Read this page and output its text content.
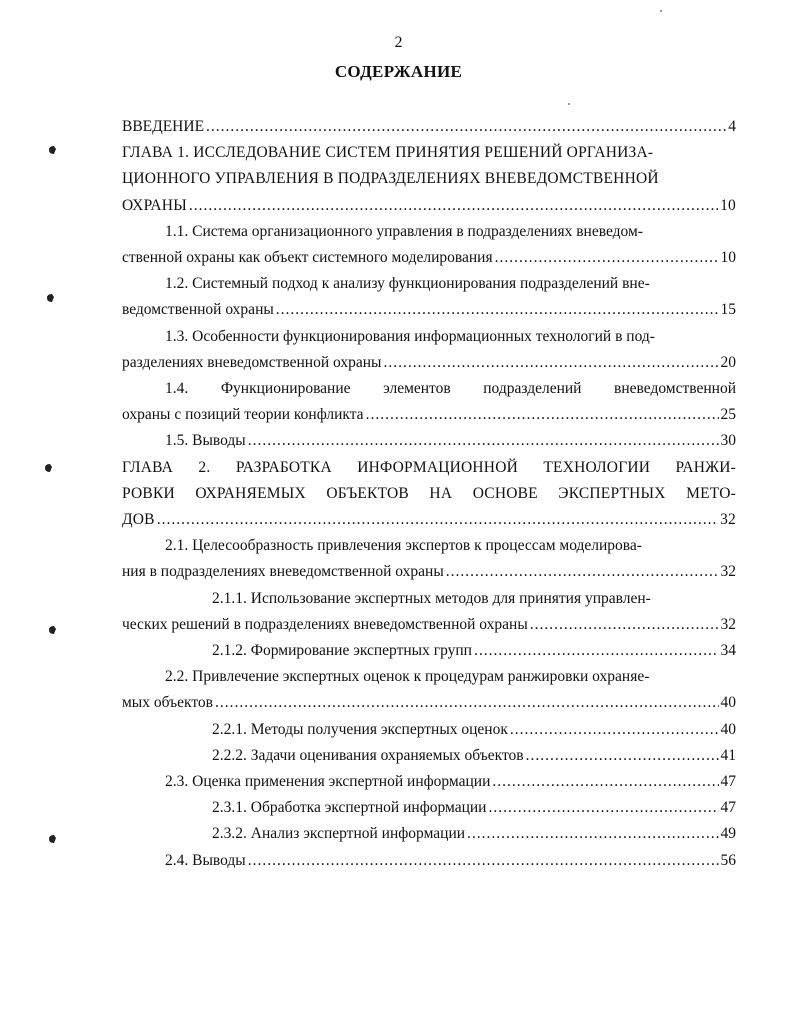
2
СОДЕРЖАНИЕ
ВВЕДЕНИЕ .....	4
ГЛАВА 1. ИССЛЕДОВАНИЕ СИСТЕМ ПРИНЯТИЯ РЕШЕНИЙ ОРГАНИЗА-
ЦИОННОГО УПРАВЛЕНИЯ В ПОДРАЗДЕЛЕНИЯХ ВНЕВЕДОМСТВЕННОЙ
ОХРАНЫ .....	10
1.1. Система организационного управления в подразделениях вневедом-
ственной охраны как объект системного моделирования .....	10
1.2. Системный подход к анализу функционирования подразделений вне-
ведомственной охраны .....	15
1.3. Особенности функционирования информационных технологий в под-
разделениях вневедомственной охраны .....	20
1.4. Функционирование элементов подразделений вневедомственной
охраны с позиций теории конфликта .....	25
1.5. Выводы .....	30
ГЛАВА 2. РАЗРАБОТКА ИНФОРМАЦИОННОЙ ТЕХНОЛОГИИ РАНЖИ-
РОВКИ ОХРАНЯЕМЫХ ОБЪЕКТОВ НА ОСНОВЕ ЭКСПЕРТНЫХ МЕТО-
ДОВ .....	32
2.1. Целесообразность привлечения экспертов к процессам моделирова-
ния в подразделениях вневедомственной охраны .....	32
2.1.1. Использование экспертных методов для принятия управлен-
ческих решений в подразделениях вневедомственной охраны .....	32
2.1.2. Формирование экспертных групп .....	34
2.2. Привлечение экспертных оценок к процедурам ранжировки охраняе-
мых объектов .....	40
2.2.1. Методы получения экспертных оценок .....	40
2.2.2. Задачи оценивания охраняемых объектов .....	41
2.3. Оценка применения экспертной информации .....	47
2.3.1. Обработка экспертной информации .....	47
2.3.2. Анализ экспертной информации .....	49
2.4. Выводы .....	56
